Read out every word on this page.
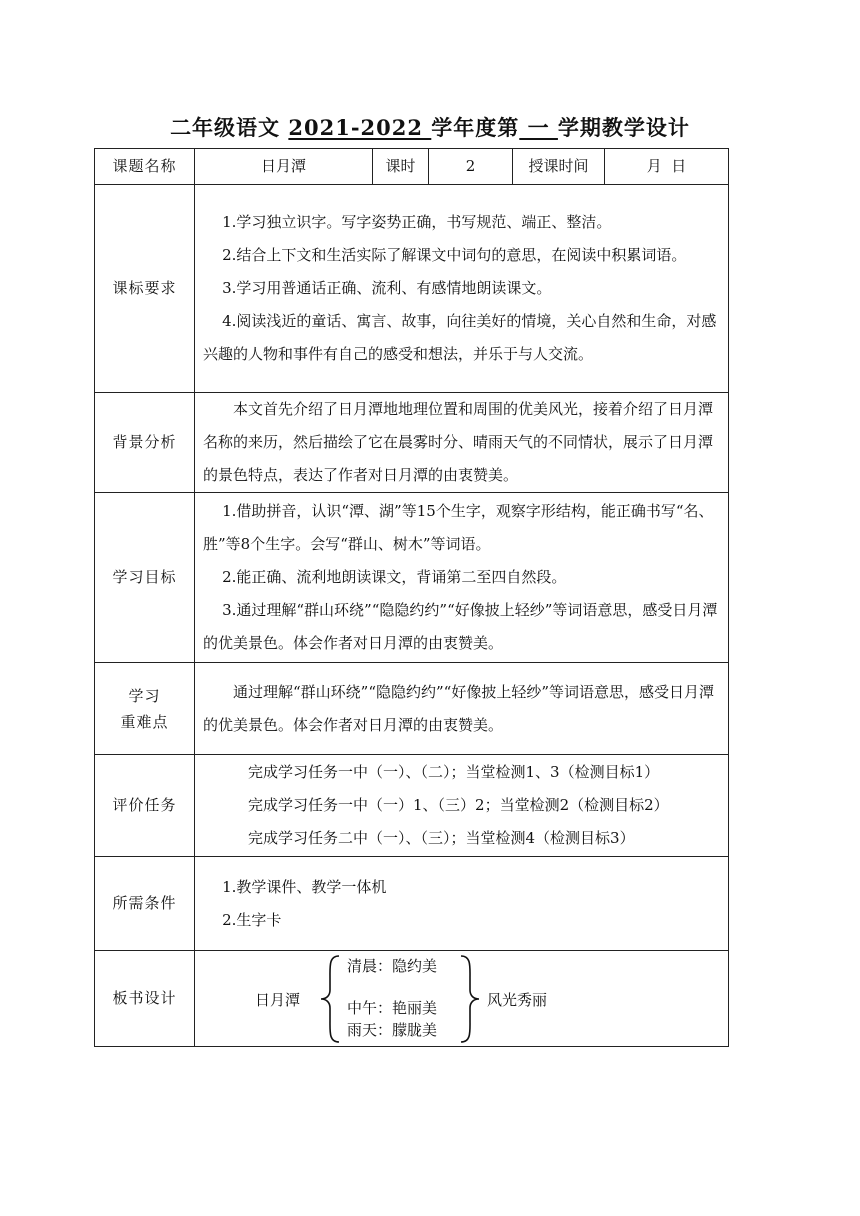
二年级语文 2021-2022 学年度第 一 学期教学设计
课题名称	日月潭	课时	2	授课时间	月  日
课标要求	1.学习独立识字。写字姿势正确，书写规范、端正、整洁。

2.结合上下文和生活实际了解课文中词句的意思，在阅读中积累词语。

3.学习用普通话正确、流利、有感情地朗读课文。

4.阅读浅近的童话、寓言、故事，向往美好的情境，关心自然和生命，对感兴趣的人物和事件有自己的感受和想法，并乐于与人交流。				

背景分析	本文首先介绍了日月潭地地理位置和周围的优美风光，接着介绍了日月潭名称的来历，然后描绘了它在晨雾时分、晴雨天气的不同情状，展示了日月潭的景色特点，表达了作者对日月潭的由衷赞美。				

学习目标	1.借助拼音，认识“潭、湖”等15个生字，观察字形结构，能正确书写“名、胜”等8个生字。会写“群山、树木”等词语。

2.能正确、流利地朗读课文，背诵第二至四自然段。

3.通过理解“群山环绕”“隐隐约约”“好像披上轻纱”等词语意思，感受日月潭的优美景色。体会作者对日月潭的由衷赞美。				

学习
重难点	通过理解“群山环绕”“隐隐约约”“好像披上轻纱”等词语意思，感受日月潭的优美景色。体会作者对日月潭的由衷赞美。				

评价任务	完成学习任务一中（一）、（二）；当堂检测1、3（检测目标1）

完成学习任务一中（一）1、（三）2；当堂检测2（检测目标2）

完成学习任务二中（一）、（三）；当堂检测4（检测目标3）				

所需条件	1.教学课件、教学一体机

2.生字卡				

板书设计	日月潭
清晨：隐约美
中午：艳丽美
雨天：朦胧美
风光秀丽				
